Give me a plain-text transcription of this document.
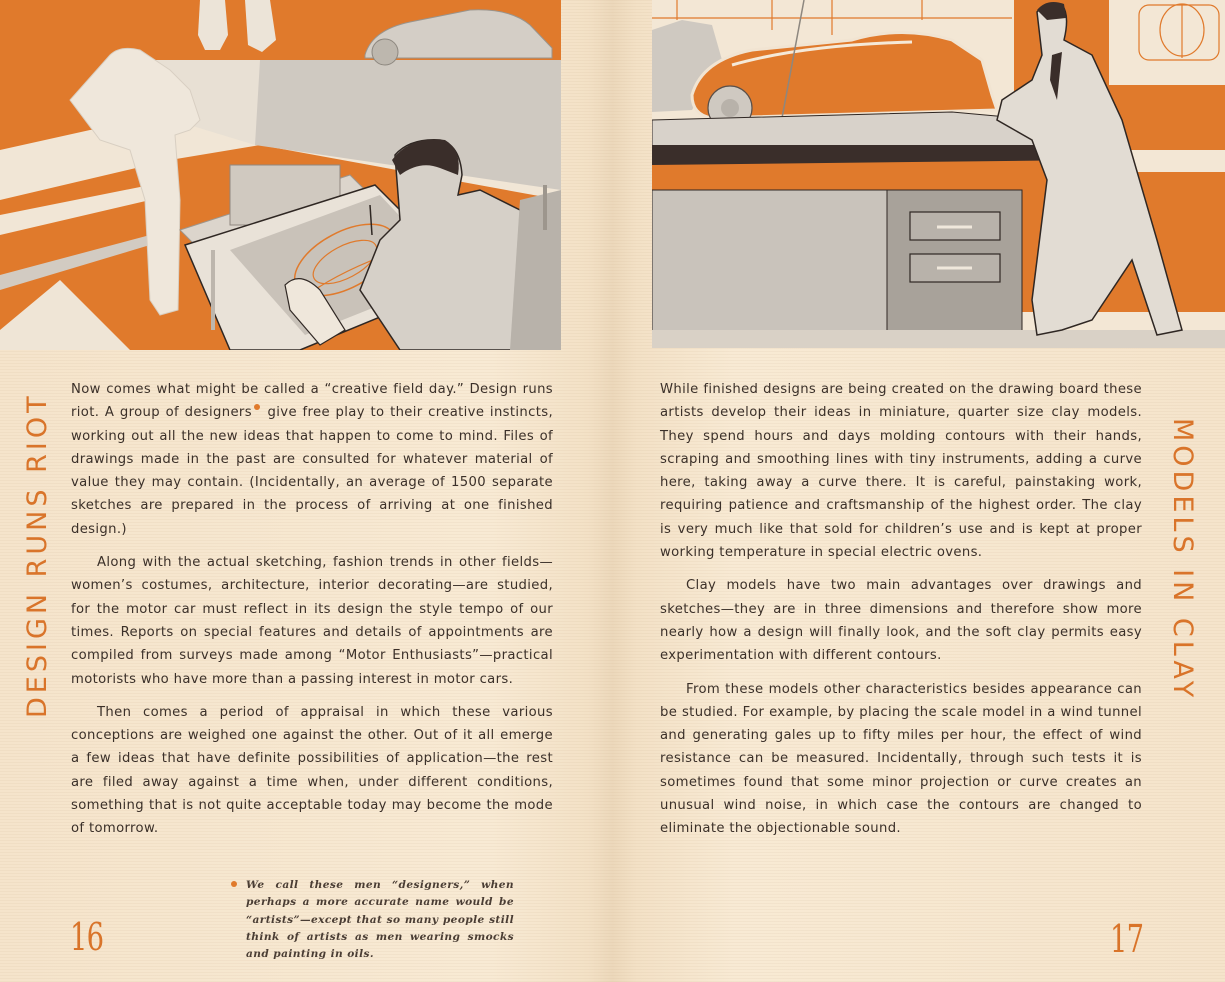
DESIGN RUNS RIOT

Now comes what might be called a “creative field day.” Design runs riot. A group of designers give free play to their creative instincts, working out all the new ideas that happen to come to mind. Files of drawings made in the past are consulted for whatever material of value they may contain. (Incidentally, an average of 1500 separate sketches are prepared in the process of arriving at one finished design.)

Along with the actual sketching, fashion trends in other fields—women’s costumes, architecture, interior decorating—are studied, for the motor car must reflect in its design the style tempo of our times. Reports on special features and details of appointments are compiled from surveys made among “Motor Enthusiasts”—practical motorists who have more than a passing interest in motor cars.

Then comes a period of appraisal in which these various conceptions are weighed one against the other. Out of it all emerge a few ideas that have definite possibilities of application—the rest are filed away against a time when, under different conditions, something that is not quite acceptable today may become the mode of tomorrow.

We call these men “designers,” when perhaps a more accurate name would be “artists”—except that so many people still think of artists as men wearing smocks and painting in oils.
16	17
MODELS IN CLAY

While finished designs are being created on the drawing board these artists develop their ideas in miniature, quarter size clay models. They spend hours and days molding contours with their hands, scraping and smoothing lines with tiny instruments, adding a curve here, taking away a curve there. It is careful, painstaking work, requiring patience and craftsmanship of the highest order. The clay is very much like that sold for children’s use and is kept at proper working temperature in special electric ovens.

Clay models have two main advantages over drawings and sketches—they are in three dimensions and therefore show more nearly how a design will finally look, and the soft clay permits easy experimentation with different contours.

From these models other characteristics besides appearance can be studied. For example, by placing the scale model in a wind tunnel and generating gales up to fifty miles per hour, the effect of wind resistance can be measured. Incidentally, through such tests it is sometimes found that some minor projection or curve creates an unusual wind noise, in which case the contours are changed to eliminate the objectionable sound.
